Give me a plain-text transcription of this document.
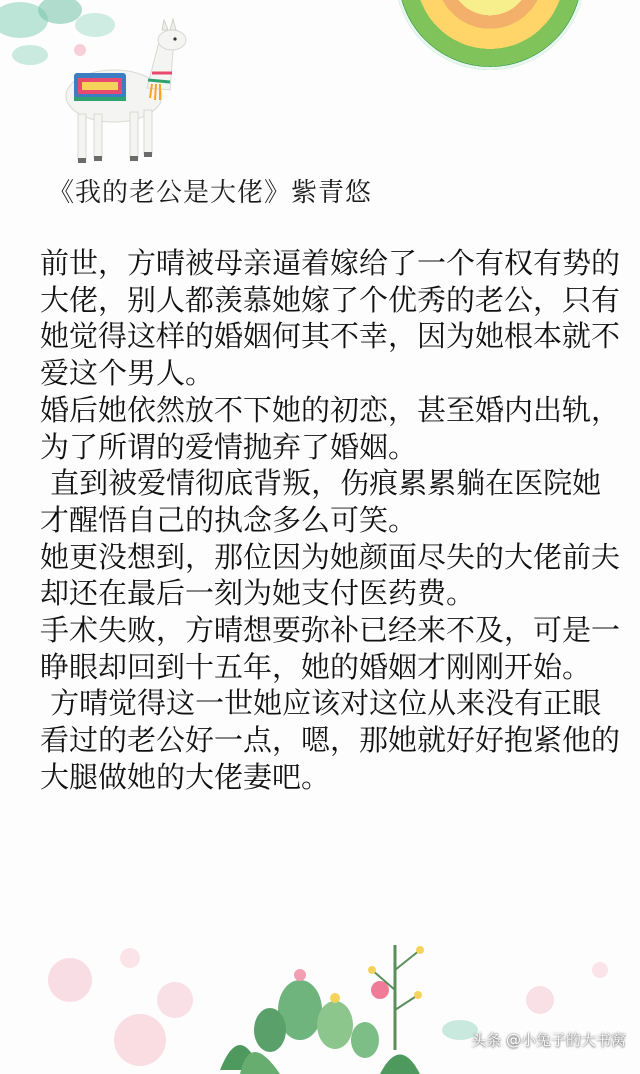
《我的老公是大佬》紫青悠

前世，方晴被母亲逼着嫁给了一个有权有势的大佬，别人都羡慕她嫁了个优秀的老公，只有她觉得这样的婚姻何其不幸，因为她根本就不爱这个男人。

婚后她依然放不下她的初恋，甚至婚内出轨，为了所谓的爱情抛弃了婚姻。

直到被爱情彻底背叛，伤痕累累躺在医院她才醒悟自己的执念多么可笑。

她更没想到，那位因为她颜面尽失的大佬前夫却还在最后一刻为她支付医药费。

手术失败，方晴想要弥补已经来不及，可是一睁眼却回到十五年，她的婚姻才刚刚开始。

方晴觉得这一世她应该对这位从来没有正眼看过的老公好一点，嗯，那她就好好抱紧他的大腿做她的大佬妻吧。

头条 @小兔子的大书窝
